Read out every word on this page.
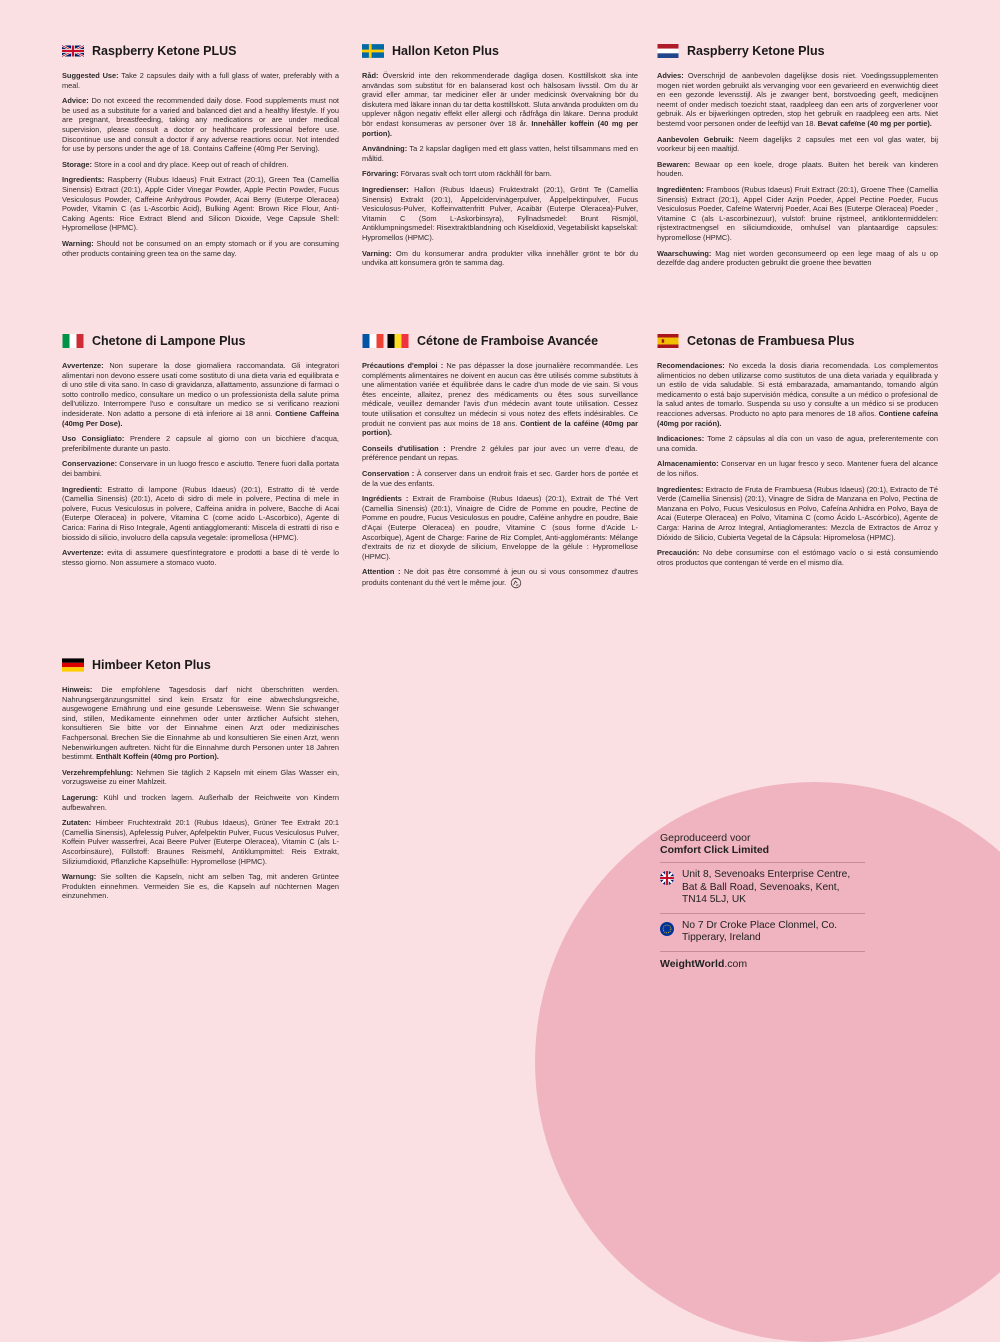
Raspberry Ketone PLUS

Suggested Use: Take 2 capsules daily with a full glass of water, preferably with a meal.

Advice: Do not exceed the recommended daily dose. Food supplements must not be used as a substitute for a varied and balanced diet and a healthy lifestyle. If you are pregnant, breastfeeding, taking any medications or are under medical supervision, please consult a doctor or healthcare professional before use. Discontinue use and consult a doctor if any adverse reactions occur. Not intended for use by persons under the age of 18. Contains Caffeine (40mg Per Serving).

Storage: Store in a cool and dry place. Keep out of reach of children.

Ingredients: Raspberry (Rubus Idaeus) Fruit Extract (20:1), Green Tea (Camellia Sinensis) Extract (20:1), Apple Cider Vinegar Powder, Apple Pectin Powder, Fucus Vesiculosus Powder, Caffeine Anhydrous Powder, Acai Berry (Euterpe Oleracea) Powder, Vitamin C (as L-Ascorbic Acid), Bulking Agent: Brown Rice Flour, Anti-Caking Agents: Rice Extract Blend and Silicon Dioxide, Vege Capsule Shell: Hypromellose (HPMC).

Warning: Should not be consumed on an empty stomach or if you are consuming other products containing green tea on the same day.

Hallon Keton Plus

Råd: Överskrid inte den rekommenderade dagliga dosen. Kosttillskott ska inte användas som substitut för en balanserad kost och hälsosam livsstil. Om du är gravid eller ammar, tar mediciner eller är under medicinsk övervakning bör du diskutera med läkare innan du tar detta kosttillskott. Sluta använda produkten om du upplever någon negativ effekt eller allergi och rådfråga din läkare. Denna produkt bör endast konsumeras av personer över 18 år. Innehåller koffein (40 mg per portion).

Användning: Ta 2 kapslar dagligen med ett glass vatten, helst tillsammans med en måltid.

Förvaring: Förvaras svalt och torrt utom räckhåll för barn.

Ingredienser: Hallon (Rubus Idaeus) Fruktextrakt (20:1), Grönt Te (Camellia Sinensis) Extrakt (20:1), Äppelcidervinägerpulver, Äppelpektinpulver, Fucus Vesiculosus-Pulver, Koffeinvattenfritt Pulver, Acaibär (Euterpe Oleracea)-Pulver, Vitamin C (Som L-Askorbinsyra), Fyllnadsmedel: Brunt Rismjöl, Antiklumpningsmedel: Risextraktblandning och Kiseldioxid, Vegetabiliskt kapselskal: Hypromellos (HPMC).

Varning: Om du konsumerar andra produkter vilka innehåller grönt te bör du undvika att konsumera grön te samma dag.

Raspberry Ketone Plus

Advies: Overschrijd de aanbevolen dagelijkse dosis niet. Voedingssupplementen mogen niet worden gebruikt als vervanging voor een gevarieerd en evenwichtig dieet en een gezonde levensstijl. Als je zwanger bent, borstvoeding geeft, medicijnen neemt of onder medisch toezicht staat, raadpleeg dan een arts of zorgverlener voor gebruik. Als er bijwerkingen optreden, stop het gebruik en raadpleeg een arts. Niet bestemd voor personen onder de leeftijd van 18. Bevat cafeïne (40 mg per portie).

Aanbevolen Gebruik: Neem dagelijks 2 capsules met een vol glas water, bij voorkeur bij een maaltijd.

Bewaren: Bewaar op een koele, droge plaats. Buiten het bereik van kinderen houden.

Ingrediënten: Framboos (Rubus Idaeus) Fruit Extract (20:1), Groene Thee (Camellia Sinensis) Extract (20:1), Appel Cider Azijn Poeder, Appel Pectine Poeder, Fucus Vesiculosus Poeder, Cafeïne Watervrij Poeder, Acai Bes (Euterpe Oleracea) Poeder , Vitamine C (als L-ascorbinezuur), vulstof: bruine rijstmeel, antiklontermiddelen: rijstextractmengsel en siliciumdioxide, omhulsel van plantaardige capsules: hypromellose (HPMC).

Waarschuwing: Mag niet worden geconsumeerd op een lege maag of als u op dezelfde dag andere producten gebruikt die groene thee bevatten

Chetone di Lampone Plus

Avvertenze: Non superare la dose giornaliera raccomandata. Gli integratori alimentari non devono essere usati come sostituto di una dieta varia ed equilibrata e di uno stile di vita sano. In caso di gravidanza, allattamento, assunzione di farmaci o sotto controllo medico, consultare un medico o un professionista della salute prima dell'utilizzo. Interrompere l'uso e consultare un medico se si verificano reazioni indesiderate. Non adatto a persone di età inferiore ai 18 anni. Contiene Caffeina (40mg Per Dose).

Uso Consigliato: Prendere 2 capsule al giorno con un bicchiere d'acqua, preferibilmente durante un pasto.

Conservazione: Conservare in un luogo fresco e asciutto. Tenere fuori dalla portata dei bambini.

Ingredienti: Estratto di lampone (Rubus Idaeus) (20:1), Estratto di tè verde (Camellia Sinensis) (20:1), Aceto di sidro di mele in polvere, Pectina di mele in polvere, Fucus Vesiculosus in polvere, Caffeina anidra in polvere, Bacche di Acai (Euterpe Oleracea) in polvere, Vitamina C (come acido L-Ascorbico), Agente di Carica: Farina di Riso Integrale, Agenti antiagglomeranti: Miscela di estratti di riso e biossido di silicio, involucro della capsula vegetale: ipromellosa (HPMC).

Avvertenze: evita di assumere quest'integratore e prodotti a base di tè verde lo stesso giorno. Non assumere a stomaco vuoto.

Cétone de Framboise Avancée

Précautions d'emploi : Ne pas dépasser la dose journalière recommandée. Les compléments alimentaires ne doivent en aucun cas être utilisés comme substituts à une alimentation variée et équilibrée dans le cadre d'un mode de vie sain. Si vous êtes enceinte, allaitez, prenez des médicaments ou êtes sous surveillance médicale, veuillez demander l'avis d'un médecin avant toute utilisation. Cessez toute utilisation et consultez un médecin si vous notez des effets indésirables. Ce produit ne convient pas aux moins de 18 ans. Contient de la caféine (40mg par portion).

Conseils d'utilisation : Prendre 2 gélules par jour avec un verre d'eau, de préférence pendant un repas.

Conservation : À conserver dans un endroit frais et sec. Garder hors de portée et de la vue des enfants.

Ingrédients : Extrait de Framboise (Rubus Idaeus) (20:1), Extrait de Thé Vert (Camellia Sinensis) (20:1), Vinaigre de Cidre de Pomme en poudre, Pectine de Pomme en poudre, Fucus Vesiculosus en poudre, Caféine anhydre en poudre, Baie d'Açai (Euterpe Oleracea) en poudre, Vitamine C (sous forme d'Acide L-Ascorbique), Agent de Charge: Farine de Riz Complet, Anti-agglomérants: Mélange d'extraits de riz et dioxyde de silicium, Enveloppe de la gélule : Hypromellose (HPMC).

Attention : Ne doit pas être consommé à jeun ou si vous consommez d'autres produits contenant du thé vert le même jour.

Cetonas de Frambuesa Plus

Recomendaciones: No exceda la dosis diaria recomendada. Los complementos alimenticios no deben utilizarse como sustitutos de una dieta variada y equilibrada y un estilo de vida saludable. Si está embarazada, amamantando, tomando algún medicamento o está bajo supervisión médica, consulte a un médico o profesional de la salud antes de tomarlo. Suspenda su uso y consulte a un médico si se producen reacciones adversas. Producto no apto para menores de 18 años. Contiene cafeína (40mg por ración).

Indicaciones: Tome 2 cápsulas al día con un vaso de agua, preferentemente con una comida.

Almacenamiento: Conservar en un lugar fresco y seco. Mantener fuera del alcance de los niños.

Ingredientes: Extracto de Fruta de Frambuesa (Rubus Idaeus) (20:1), Extracto de Té Verde (Camellia Sinensis) (20:1), Vinagre de Sidra de Manzana en Polvo, Pectina de Manzana en Polvo, Fucus Vesiculosus en Polvo, Cafeína Anhidra en Polvo, Baya de Acai (Euterpe Oleracea) en Polvo, Vitamina C (como Ácido L-Ascórbico), Agente de Carga: Harina de Arroz Integral, Antiaglomerantes: Mezcla de Extractos de Arroz y Dióxido de Silicio, Cubierta Vegetal de la Cápsula: Hipromelosa (HPMC).

Precaución: No debe consumirse con el estómago vacío o si está consumiendo otros productos que contengan té verde en el mismo día.

Himbeer Keton Plus

Hinweis: Die empfohlene Tagesdosis darf nicht überschritten werden. Nahrungsergänzungsmittel sind kein Ersatz für eine abwechslungsreiche, ausgewogene Ernährung und eine gesunde Lebensweise. Wenn Sie schwanger sind, stillen, Medikamente einnehmen oder unter ärztlicher Aufsicht stehen, konsultieren Sie bitte vor der Einnahme einen Arzt oder medizinisches Fachpersonal. Brechen Sie die Einnahme ab und konsultieren Sie einen Arzt, wenn Nebenwirkungen auftreten. Nicht für die Einnahme durch Personen unter 18 Jahren bestimmt. Enthält Koffein (40mg pro Portion).

Verzehrempfehlung: Nehmen Sie täglich 2 Kapseln mit einem Glas Wasser ein, vorzugsweise zu einer Mahlzeit.

Lagerung: Kühl und trocken lagern. Außerhalb der Reichweite von Kindern aufbewahren.

Zutaten: Himbeer Fruchtextrakt 20:1 (Rubus Idaeus), Grüner Tee Extrakt 20:1 (Camellia Sinensis), Apfelessig Pulver, Apfelpektin Pulver, Fucus Vesiculosus Pulver, Koffein Pulver wasserfrei, Acai Beere Pulver (Euterpe Oleracea), Vitamin C (als L-Ascorbinsäure), Füllstoff: Braunes Reismehl, Antiklumpmittel: Reis Extrakt, Siliziumdioxid, Pflanzliche Kapselhülle: Hypromellose (HPMC).

Warnung: Sie sollten die Kapseln, nicht am selben Tag, mit anderen Grüntee Produkten einnehmen. Vermeiden Sie es, die Kapseln auf nüchternen Magen einzunehmen.

Geproduceerd voor
Comfort Click Limited
Unit 8, Sevenoaks Enterprise Centre, Bat & Ball Road, Sevenoaks, Kent, TN14 5LJ, UK
No 7 Dr Croke Place Clonmel, Co. Tipperary, Ireland
WeightWorld.com
